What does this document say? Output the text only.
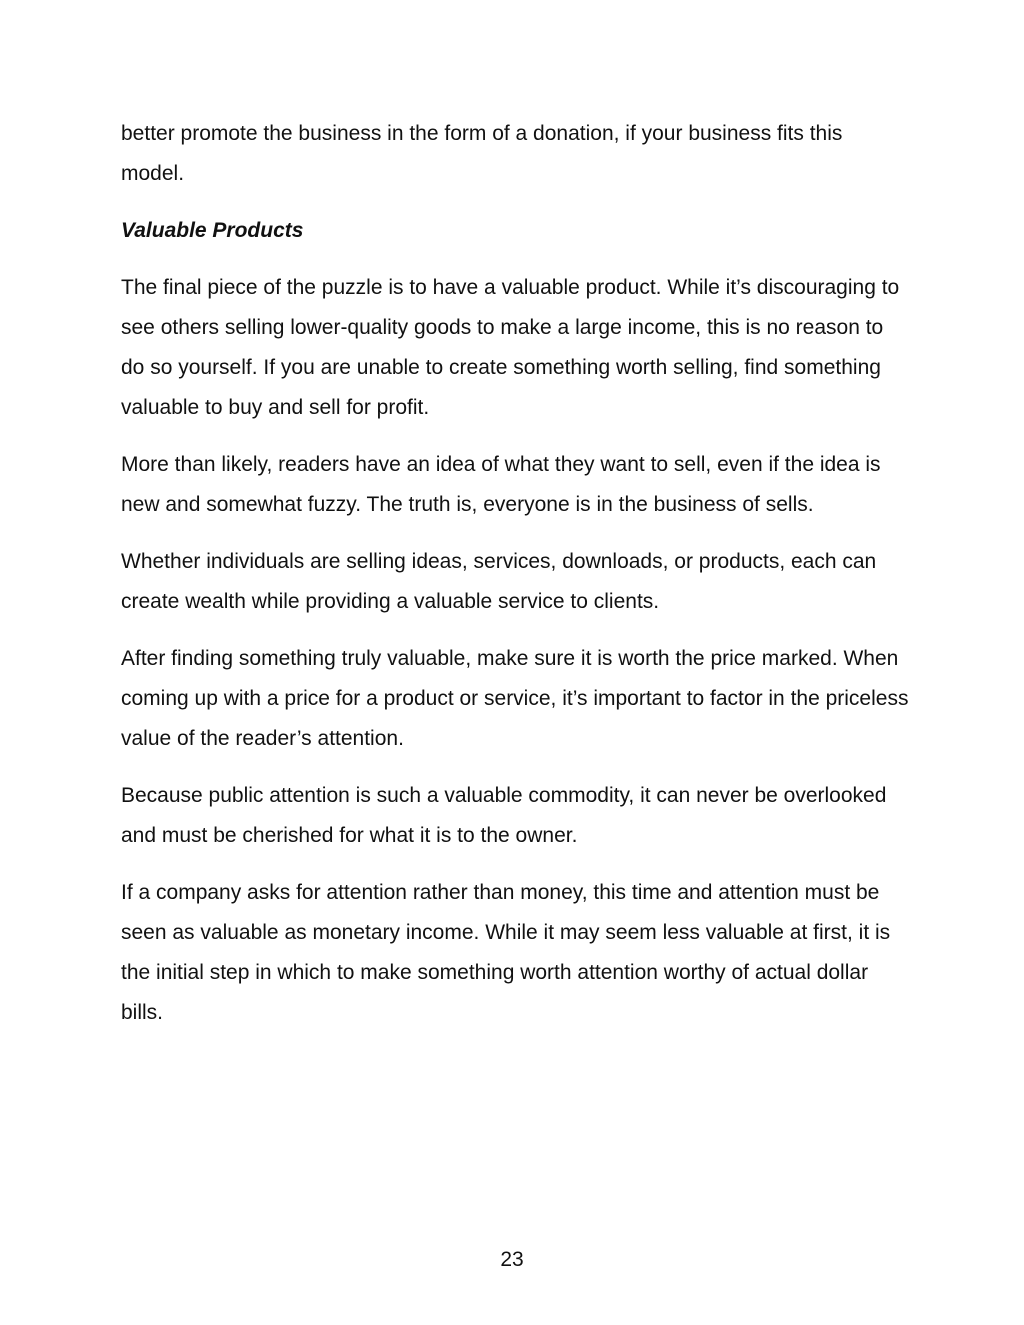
better promote the business in the form of a donation, if your business fits this model.

Valuable Products

The final piece of the puzzle is to have a valuable product. While it’s discouraging to see others selling lower-quality goods to make a large income, this is no reason to do so yourself. If you are unable to create something worth selling, find something valuable to buy and sell for profit.

More than likely, readers have an idea of what they want to sell, even if the idea is new and somewhat fuzzy. The truth is, everyone is in the business of sells.

Whether individuals are selling ideas, services, downloads, or products, each can create wealth while providing a valuable service to clients.

After finding something truly valuable, make sure it is worth the price marked. When coming up with a price for a product or service, it’s important to factor in the priceless value of the reader’s attention.

Because public attention is such a valuable commodity, it can never be overlooked and must be cherished for what it is to the owner.

If a company asks for attention rather than money, this time and attention must be seen as valuable as monetary income. While it may seem less valuable at first, it is the initial step in which to make something worth attention worthy of actual dollar bills.

23
